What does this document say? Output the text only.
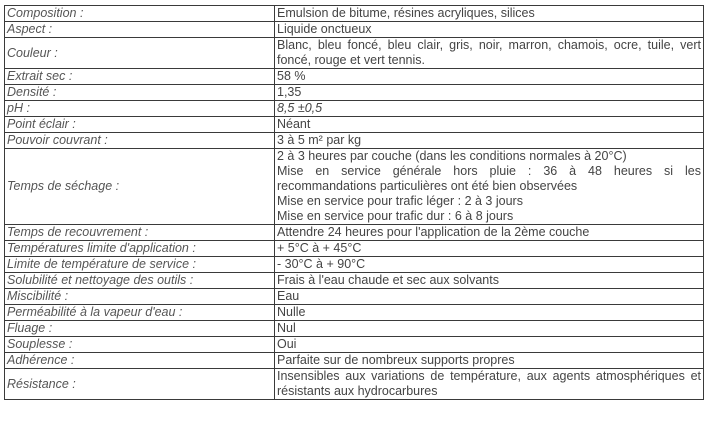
Composition :	Emulsion de bitume, résines acryliques, silices

Aspect :	Liquide onctueux

Couleur :	Blanc, bleu foncé, bleu clair, gris, noir, marron, chamois, ocre, tuile, vert foncé, rouge et vert tennis.

Extrait sec :	58 %

Densité :	1,35

pH :	8,5 ±0,5

Point éclair :	Néant

Pouvoir couvrant :	3 à 5 m² par kg

Temps de séchage :	2 à 3 heures par couche (dans les conditions normales à 20°C)
Mise en service générale hors pluie : 36 à 48 heures si les recommandations particulières ont été bien observées
Mise en service pour trafic léger : 2 à 3 jours
Mise en service pour trafic dur : 6 à 8 jours

Temps de recouvrement :	Attendre 24 heures pour l'application de la 2ème couche

Températures limite d'application :	+ 5°C à + 45°C

Limite de température de service :	- 30°C à + 90°C

Solubilité et nettoyage des outils :	Frais à l'eau chaude et sec aux solvants

Miscibilité :	Eau

Perméabilité à la vapeur d'eau :	Nulle

Fluage :	Nul

Souplesse :	Oui

Adhérence :	Parfaite sur de nombreux supports propres

Résistance :	Insensibles aux variations de température, aux agents atmosphériques et résistants aux hydrocarbures
